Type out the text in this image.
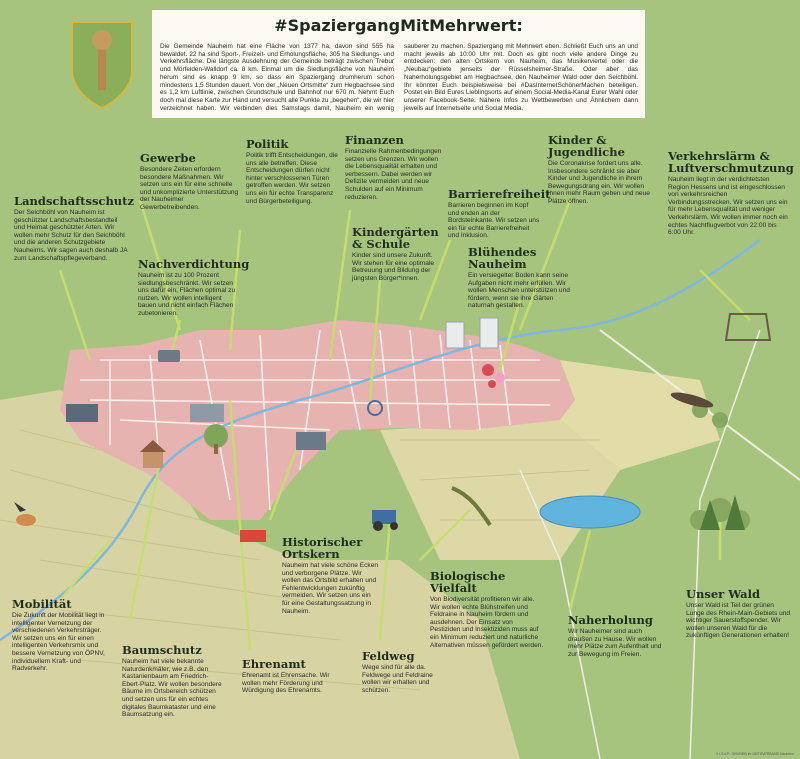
#SpaziergangMitMehrwert:
Die Gemeinde Nauheim hat eine Fläche von 1377 ha, davon sind 555 ha bewaldet. 22 ha sind Sport-, Freizeit- und Erholungsfläche, 305 ha Siedlungs- und Verkehrsfläche. Die längste Ausdehnung der Gemeinde beträgt zwischen Trebur und Mörfelden-Walldorf ca. 8 km. Einmal um die Siedlungsfläche von Nauheim herum sind es knapp 9 km, so dass ein Spaziergang drumherum schon mindestens 1,5 Stunden dauert. Von der „Neuen Ortsmitte“ zum Hegbachsee sind es 1,2 km Luftlinie, zwischen Grundschule und Bahnhof nur 670 m. Nehmt Euch doch mal diese Karte zur Hand und versucht alle Punkte zu „begehen“, die wir hier verzeichnet haben. Wir verbinden dies Samstags damit, Nauheim ein wenig sauberer zu machen. Spaziergang mit Mehrwert eben. Schließt Euch uns an und macht jeweils ab 10:00 Uhr mit. Doch es gibt noch viele andere Dinge zu entdecken: den alten Ortskern von Nauheim, das Musikerviertel oder die „Neubau“gebiete jenseits der Rüsselsheimer-Straße. Oder aber das Naherholungsgebiet am Hegbachsee, den Nauheimer Wald oder den Seichböhl. Ihr könntet Euch beispielsweise bei #DasInternetSchönerMachen beteiligen. Postet ein Bild Eures Lieblingsorts auf einem Social-Media-Kanal Eurer Wahl oder unserer Facebook-Seite. Nähere Infos zu Wettbewerben und Ähnlichem dann jeweils auf Internetseite und Social Media.
Landschaftsschutz
Der Seichböhl von Nauheim ist geschützter Landschaftsbestandteil und Heimat geschützter Arten. Wir wollen mehr Schutz für den Seichböhl und die anderen Schutzgebiete Nauheims. Wir sagen auch deshalb JA zum Landschaftspflegeverband.
Gewerbe
Besondere Zeiten erfordern besondere Maßnahmen. Wir setzen uns ein für eine schnelle und unkomplizierte Unterstützung der Nauheimer Gewerbetreibenden.
Politik
Politik trifft Entscheidungen, die uns alle betreffen. Diese Entscheidungen dürfen nicht hinter verschlossenen Türen getroffen werden. Wir setzen uns ein für echte Transparenz und Bürgerbeteiligung.
Finanzen
Finanzielle Rahmenbedingungen setzen uns Grenzen. Wir wollen die Lebensqualität erhalten und verbessern. Dabei werden wir Defizite vermeiden und neue Schulden auf ein Minimum reduzieren.
Kinder & Jugendliche
Die Coronakrise fordert uns alle. Insbesondere schränkt sie aber Kinder und Jugendliche in ihrem Bewegungsdrang ein. Wir wollen ihnen mehr Raum geben und neue Plätze öffnen.
Verkehrslärm & Luftverschmutzung
Nauheim liegt in der verdichtetsten Region Hessens und ist eingeschlossen von verkehrsreichen Verbindungsstrecken. Wir setzen uns ein für mehr Lebensqualität und weniger Verkehrslärm. Wir wollen immer noch ein echtes Nachtflugverbot von 22:00 bis 6:00 Uhr.
Barrierefreiheit
Barrieren beginnen im Kopf und enden an der Bordsteinkante. Wir setzen uns ein für echte Barrierefreiheit und Inklusion.
Kindergärten & Schule
Kinder sind unsere Zukunft. Wir stehen für eine optimale Betreuung und Bildung der jüngsten Bürger*innen.
Nachverdichtung
Nauheim ist zu 100 Prozent siedlungsbeschränkt. Wir setzen uns dafür ein, Flächen optimal zu nutzen. Wir wollen intelligent bauen und nicht einfach Flächen zubetonieren.
Blühendes Nauheim
Ein versiegelter Boden kann seine Aufgaben nicht mehr erfüllen. Wir wollen Menschen unterstützen und fördern, wenn sie ihre Gärten naturnah gestalten.
Historischer Ortskern
Nauheim hat viele schöne Ecken und verborgene Plätze. Wir wollen das Ortsbild erhalten und Fehlentwicklungen zukünftig vermeiden. Wir setzen uns ein für eine Gestaltungssatzung in Nauheim.
Biologische Vielfalt
Von Biodiversität profitieren wir alle. Wir wollen echte Blühstreifen und Feldraine in Nauheim fördern und ausdehnen. Der Einsatz von Pestiziden und Insektiziden muss auf ein Minimum reduziert und naturliche Alternativen müssen gefördert werden.
Mobilität
Die Zukunft der Mobilität liegt in intelligenter Vernetzung der verschiedenen Verkehrsträger. Wir setzen uns ein für einen intelligenten Verkehrsmix und bessere Vernetzung von ÖPNV, individuellem Kraft- und Radverkehr.
Baumschutz
Nauheim hat viele bekannte Naturdenkmäler, wie z.B. den Kastanienbaum am Friedrich-Ebert-Platz. Wir wollen besondere Bäume im Ortsbereich schützen und setzen uns für ein echtes digitales Baumkataster und eine Baumsatzung ein.
Ehrenamt
Ehrenamt ist Ehrensache. Wir wollen mehr Förderung und Würdigung des Ehrenamts.
Feldweg
Wege sind für alle da. Feldwege und Feldraine wollen wir erhalten und schützen.
Naherholung
Wir Nauheimer sind auch draußen zu Hause. Wir wollen mehr Plätze zum Aufenthalt und zur Bewegung im Freien.
Unser Wald
Unser Wald ist Teil der grünen Lunge des Rhein-Main-Gebiets und wichtiger Sauerstoffspender. Wir wollen unseren Wald für die zukünftigen Generationen erhalten!
V.i.S.d.P.: GRÜNEN im ORTSVERBAND Nauheim
